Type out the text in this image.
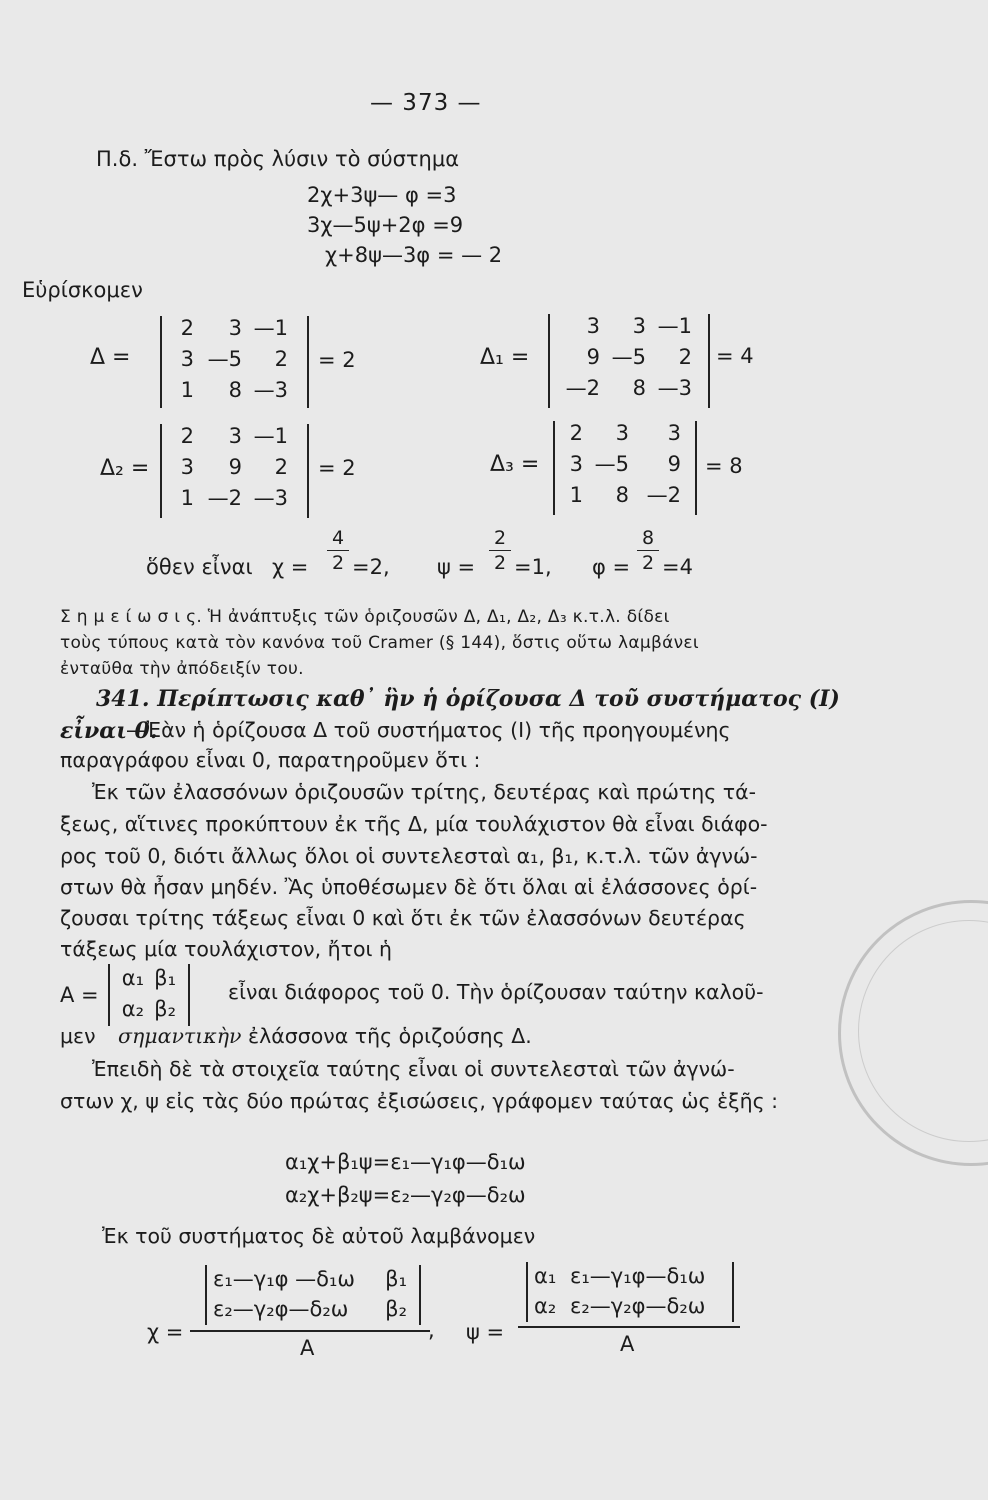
— 373 —
Π.δ. Ἔστω πρὸς λύσιν τὸ σύστημα
2χ+3ψ— φ =3
3χ—5ψ+2φ =9
χ+8ψ—3φ = — 2
Εὑρίσκομεν
Δ =
2	3 —1
3 —5	2
1	8 —3
= 2	Δ₁ =
3	3 —1
9 —5	2
—2	8 —3
= 4
Δ₂ =
2	3 —1
3	9	2
1 —2 —3
= 2	Δ₃ =
2	3	3
3 —5	9
1	8 —2
= 8
ὅθεν εἶναι χ =
4
2 =2, ψ =
2
2 =1, φ =
8
2 =4
Σ η μ ε ί ω σ ι ς. Ἡ ἀνάπτυξις τῶν ὁριζουσῶν Δ, Δ₁, Δ₂, Δ₃ κ.τ.λ. δίδει
τοὺς τύπους κατὰ τὸν κανόνα τοῦ Cramer (§ 144), ὅστις οὕτω λαμβάνει
ἐνταῦθα τὴν ἀπόδειξίν του.
341. Περίπτωσις καθ᾽ ἣν ἡ ὁρίζουσα Δ τοῦ συστήματος (Ι)
εἶναι 0.
—Ἐὰν ἡ ὁρίζουσα Δ τοῦ συστήματος (Ι) τῆς προηγουμένης
παραγράφου εἶναι 0, παρατηροῦμεν ὅτι :
Ἐκ τῶν ἐλασσόνων ὁριζουσῶν τρίτης, δευτέρας καὶ πρώτης τά-
ξεως, αἵτινες προκύπτουν ἐκ τῆς Δ, μία τουλάχιστον θὰ εἶναι διάφο-
ρος τοῦ 0, διότι ἄλλως ὅλοι οἱ συντελεσταὶ α₁, β₁, κ.τ.λ. τῶν ἀγνώ-
στων θὰ ἦσαν μηδέν. Ἂς ὑποθέσωμεν δὲ ὅτι ὅλαι αἱ ἐλάσσονες ὁρί-
ζουσαι τρίτης τάξεως εἶναι 0 καὶ ὅτι ἐκ τῶν ἐλασσόνων δευτέρας
τάξεως μία τουλάχιστον, ἤτοι ἡ
A =
α₁ β₁
α₂ β₂
εἶναι διάφορος τοῦ 0. Τὴν ὁρίζουσαν ταύτην καλοῦ-
μεν σημαντικὴν ἐλάσσονα τῆς ὁριζούσης Δ.
Ἐπειδὴ δὲ τὰ στοιχεῖα ταύτης εἶναι οἱ συντελεσταὶ τῶν ἀγνώ-
στων χ, ψ εἰς τὰς δύο πρώτας ἐξισώσεις, γράφομεν ταύτας ὡς ἑξῆς :
α₁χ+β₁ψ=ε₁—γ₁φ—δ₁ω
α₂χ+β₂ψ=ε₂—γ₂φ—δ₂ω
Ἐκ τοῦ συστήματος δὲ αὐτοῦ λαμβάνομεν
χ =
ε₁—γ₁φ —δ₁ω	β₁
ε₂—γ₂φ—δ₂ω	β₂
A
, ψ =
α₁ ε₁—γ₁φ—δ₁ω
α₂ ε₂—γ₂φ—δ₂ω
A
